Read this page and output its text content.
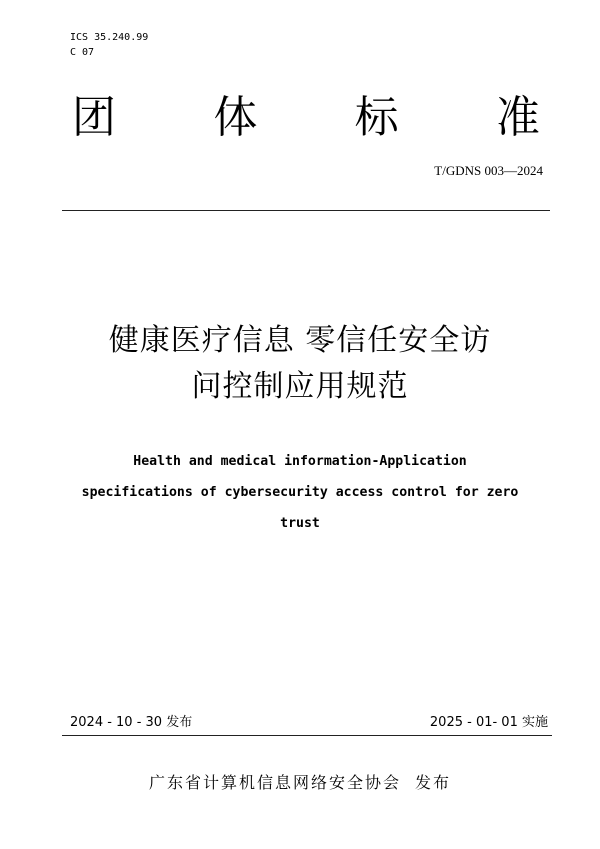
ICS 35.240.99
C 07
团 体 标 准
T/GDNS 003—2024
健康医疗信息 零信任安全访
问控制应用规范
Health and medical information-Application
specifications of cybersecurity access control for zero
trust
2024 - 10 - 30 发布	2025 - 01- 01 实施
广东省计算机信息网络安全协会 发布
